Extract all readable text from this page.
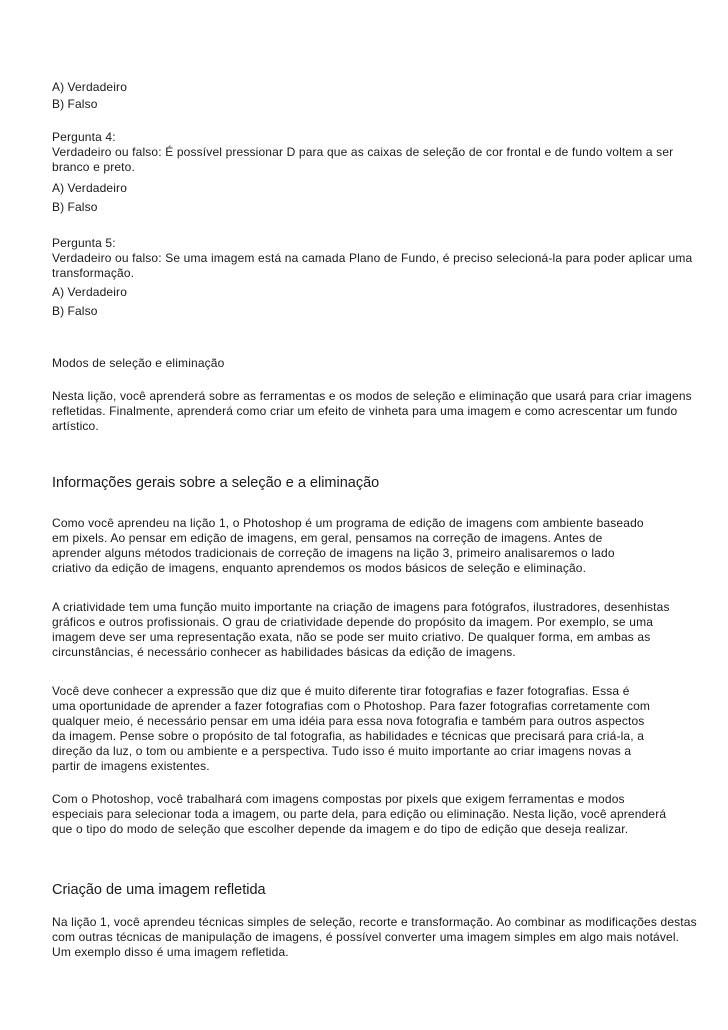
A) Verdadeiro
B) Falso
Pergunta 4:
Verdadeiro ou falso: É possível pressionar D para que as caixas de seleção de cor frontal e de fundo voltem a ser
branco e preto.
A) Verdadeiro
B) Falso
Pergunta 5:
Verdadeiro ou falso: Se uma imagem está na camada Plano de Fundo, é preciso selecioná-la para poder aplicar uma
transformação.
A) Verdadeiro
B) Falso
Modos de seleção e eliminação
Nesta lição, você aprenderá sobre as ferramentas e os modos de seleção e eliminação que usará para criar imagens
refletidas. Finalmente, aprenderá como criar um efeito de vinheta para uma imagem e como acrescentar um fundo
artístico.
Informações gerais sobre a seleção e a eliminação
Como você aprendeu na lição 1, o Photoshop é um programa de edição de imagens com ambiente baseado
em pixels. Ao pensar em edição de imagens, em geral, pensamos na correção de imagens. Antes de
aprender alguns métodos tradicionais de correção de imagens na lição 3, primeiro analisaremos o lado
criativo da edição de imagens, enquanto aprendemos os modos básicos de seleção e eliminação.
A criatividade tem uma função muito importante na criação de imagens para fotógrafos, ilustradores, desenhistas
gráficos e outros profissionais. O grau de criatividade depende do propósito da imagem. Por exemplo, se uma
imagem deve ser uma representação exata, não se pode ser muito criativo. De qualquer forma, em ambas as
circunstâncias, é necessário conhecer as habilidades básicas da edição de imagens.
Você deve conhecer a expressão que diz que é muito diferente tirar fotografias e fazer fotografias. Essa é
uma oportunidade de aprender a fazer fotografias com o Photoshop. Para fazer fotografias corretamente com
qualquer meio, é necessário pensar em uma idéia para essa nova fotografia e também para outros aspectos
da imagem. Pense sobre o propósito de tal fotografia, as habilidades e técnicas que precisará para criá-la, a
direção da luz, o tom ou ambiente e a perspectiva. Tudo isso é muito importante ao criar imagens novas a
partir de imagens existentes.
Com o Photoshop, você trabalhará com imagens compostas por pixels que exigem ferramentas e modos
especiais para selecionar toda a imagem, ou parte dela, para edição ou eliminação. Nesta lição, você aprenderá
que o tipo do modo de seleção que escolher depende da imagem e do tipo de edição que deseja realizar.
Criação de uma imagem refletida
Na lição 1, você aprendeu técnicas simples de seleção, recorte e transformação. Ao combinar as modificações destas
com outras técnicas de manipulação de imagens, é possível converter uma imagem simples em algo mais notável.
Um exemplo disso é uma imagem refletida.
